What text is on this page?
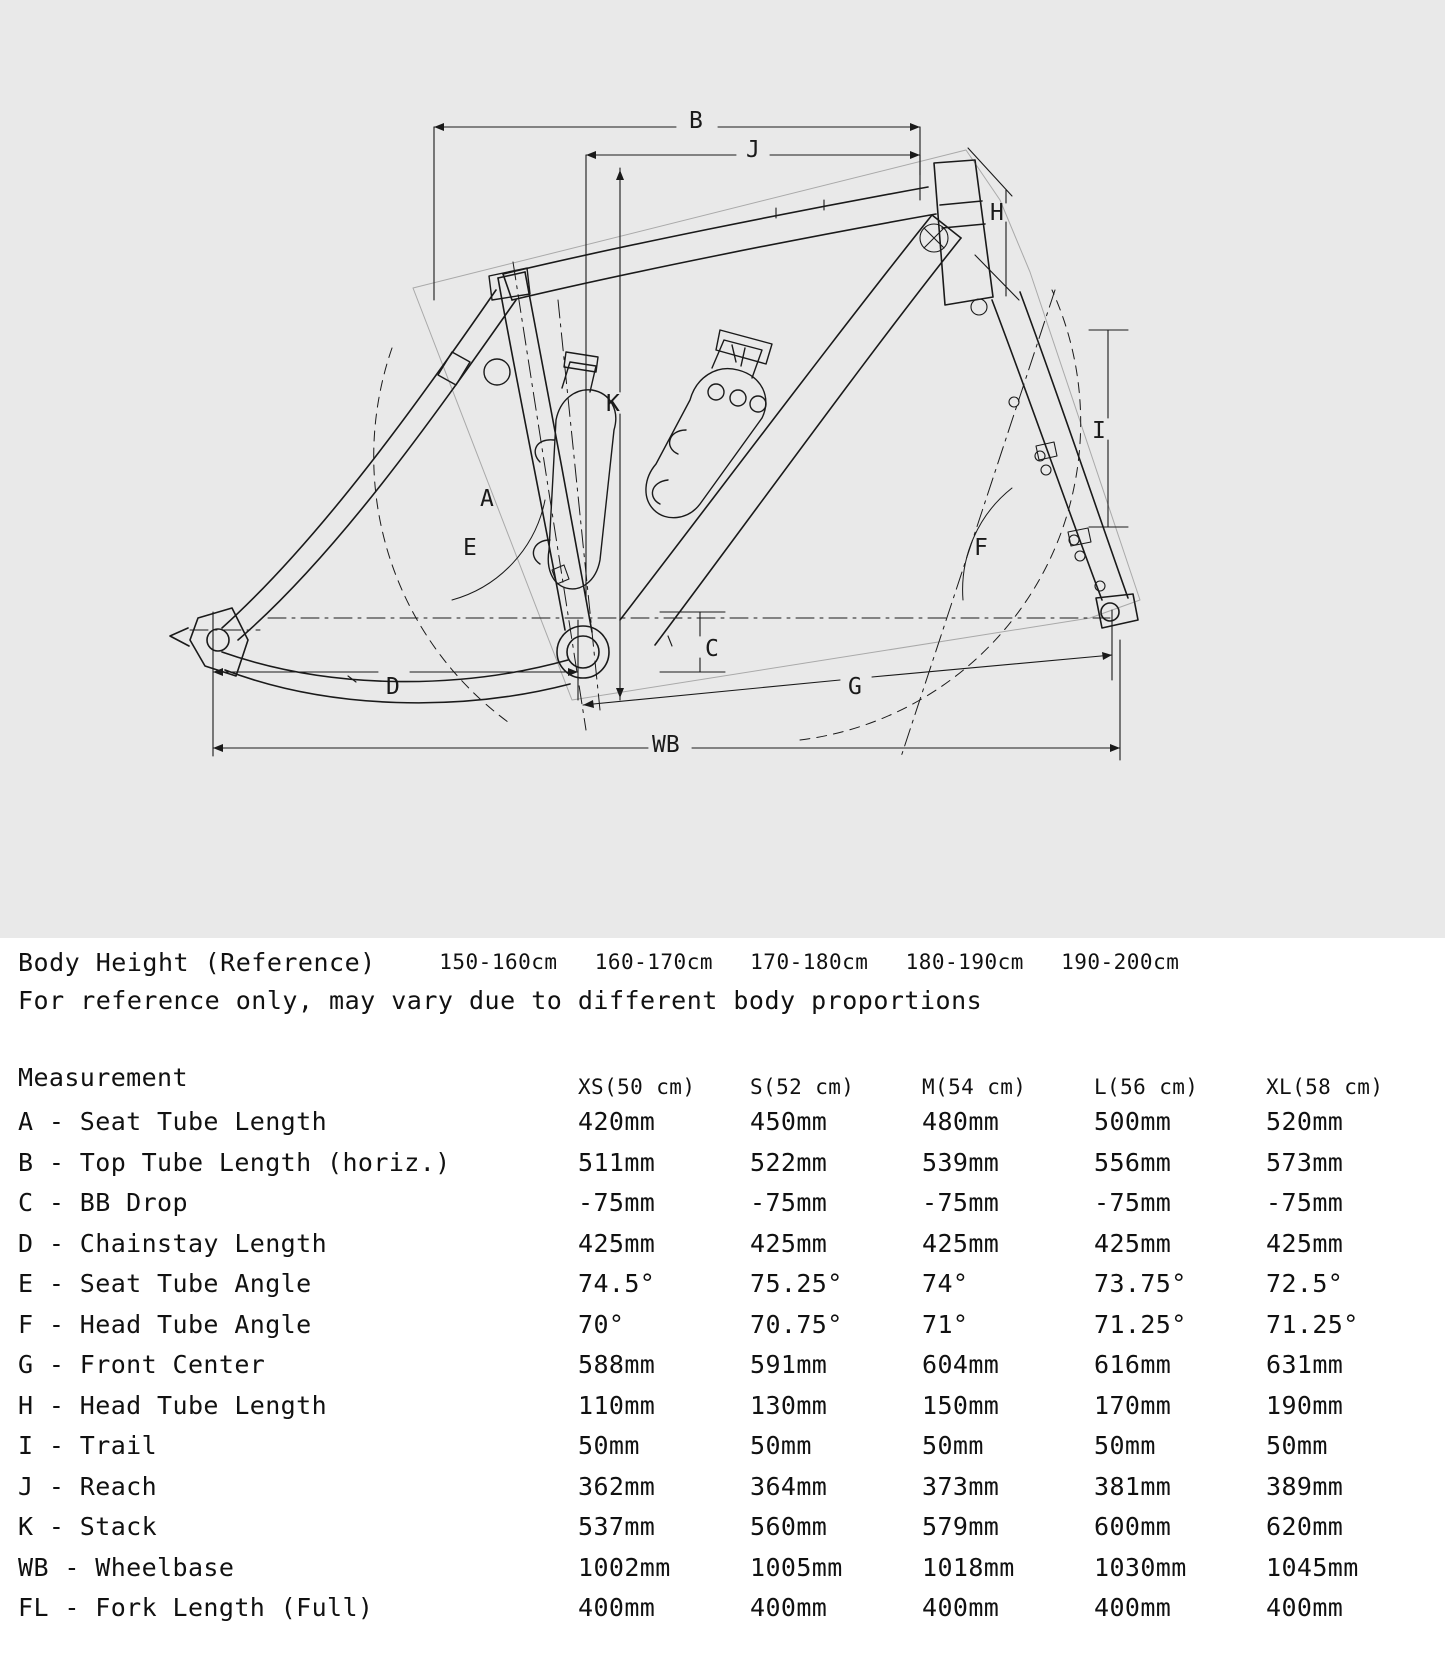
B
J
H
I
K
A
E	F
C
D	G
WB
Body Height (Reference)	150-160cm 160-170cm 170-180cm 180-190cm 190-200cm
For reference only, may vary due to different body proportions
Measurement	XS(50 cm)	S(52 cm)	M(54 cm)	L(56 cm)	XL(58 cm)
A - Seat Tube Length	420mm	450mm	480mm	500mm	520mm
B - Top Tube Length (horiz.)	511mm	522mm	539mm	556mm	573mm
C - BB Drop	-75mm	-75mm	-75mm	-75mm	-75mm
D - Chainstay Length	425mm	425mm	425mm	425mm	425mm
E - Seat Tube Angle	74.5°	75.25°	74°	73.75°	72.5°
F - Head Tube Angle	70°	70.75°	71°	71.25°	71.25°
G - Front Center	588mm	591mm	604mm	616mm	631mm
H - Head Tube Length	110mm	130mm	150mm	170mm	190mm
I - Trail	50mm	50mm	50mm	50mm	50mm
J - Reach	362mm	364mm	373mm	381mm	389mm
K - Stack	537mm	560mm	579mm	600mm	620mm
WB - Wheelbase	1002mm	1005mm	1018mm	1030mm	1045mm
FL - Fork Length (Full)	400mm	400mm	400mm	400mm	400mm
